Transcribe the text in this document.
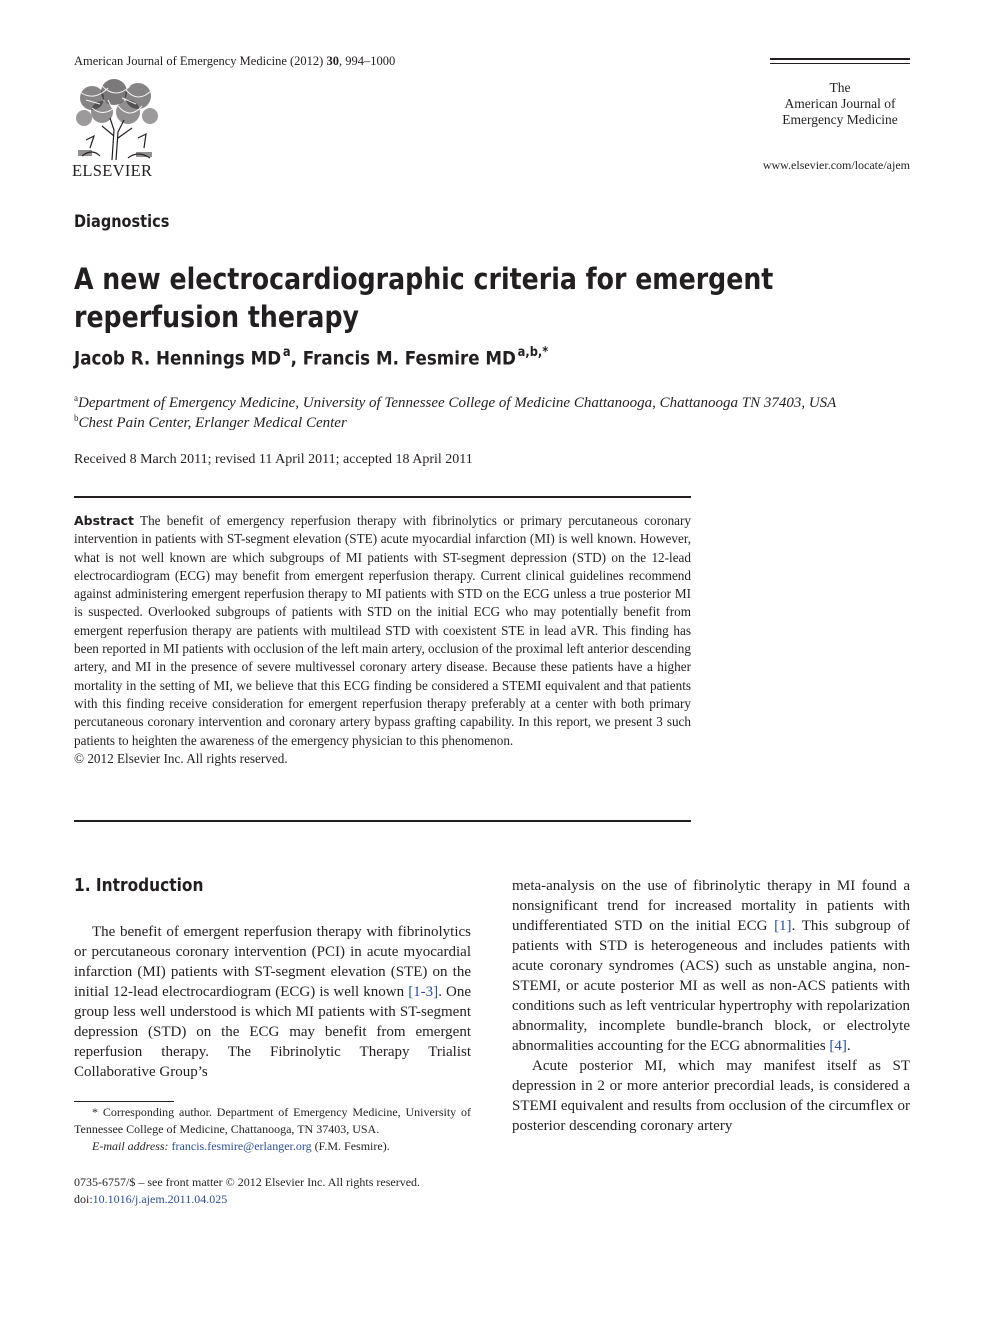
American Journal of Emergency Medicine (2012) 30, 994–1000
ELSEVIER
The
American Journal of
Emergency Medicine
www.elsevier.com/locate/ajem
Diagnostics
A new electrocardiographic criteria for emergent reperfusion therapy
Jacob R. Hennings MD $^a$, Francis M. Fesmire MD $^{a,b,*}$
$^a$Department of Emergency Medicine, University of Tennessee College of Medicine Chattanooga, Chattanooga TN 37403, USA
$^b$Chest Pain Center, Erlanger Medical Center
Received 8 March 2011; revised 11 April 2011; accepted 18 April 2011

Abstract The benefit of emergency reperfusion therapy with fibrinolytics or primary percutaneous coronary intervention in patients with ST-segment elevation (STE) acute myocardial infarction (MI) is well known. However, what is not well known are which subgroups of MI patients with ST-segment depression (STD) on the 12-lead electrocardiogram (ECG) may benefit from emergent reperfusion therapy. Current clinical guidelines recommend against administering emergent reperfusion therapy to MI patients with STD on the ECG unless a true posterior MI is suspected. Overlooked subgroups of patients with STD on the initial ECG who may potentially benefit from emergent reperfusion therapy are patients with multilead STD with coexistent STE in lead aVR. This finding has been reported in MI patients with occlusion of the left main artery, occlusion of the proximal left anterior descending artery, and MI in the presence of severe multivessel coronary artery disease. Because these patients have a higher mortality in the setting of MI, we believe that this ECG finding be considered a STEMI equivalent and that patients with this finding receive consideration for emergent reperfusion therapy preferably at a center with both primary percutaneous coronary intervention and coronary artery bypass grafting capability. In this report, we present 3 such patients to heighten the awareness of the emergency physician to this phenomenon.

© 2012 Elsevier Inc. All rights reserved.

1. Introduction

The benefit of emergent reperfusion therapy with fibrinolytics or percutaneous coronary intervention (PCI) in acute myocardial infarction (MI) patients with ST-segment elevation (STE) on the initial 12-lead electrocardiogram (ECG) is well known [1-3]. One group less well understood is which MI patients with ST-segment depression (STD) on the ECG may benefit from emergent reperfusion therapy. The Fibrinolytic Therapy Trialist Collaborative Group’s

meta-analysis on the use of fibrinolytic therapy in MI found a nonsignificant trend for increased mortality in patients with undifferentiated STD on the initial ECG [1]. This subgroup of patients with STD is heterogeneous and includes patients with acute coronary syndromes (ACS) such as unstable angina, non-STEMI, or acute posterior MI as well as non-ACS patients with conditions such as left ventricular hypertrophy with repolarization abnormality, incomplete bundle-branch block, or electrolyte abnormalities accounting for the ECG abnormalities [4].

Acute posterior MI, which may manifest itself as ST depression in 2 or more anterior precordial leads, is considered a STEMI equivalent and results from occlusion of the circumflex or posterior descending coronary artery

* Corresponding author. Department of Emergency Medicine, University of Tennessee College of Medicine, Chattanooga, TN 37403, USA.

E-mail address: francis.fesmire@erlanger.org (F.M. Fesmire).

0735-6757/$ – see front matter © 2012 Elsevier Inc. All rights reserved.

doi:10.1016/j.ajem.2011.04.025
